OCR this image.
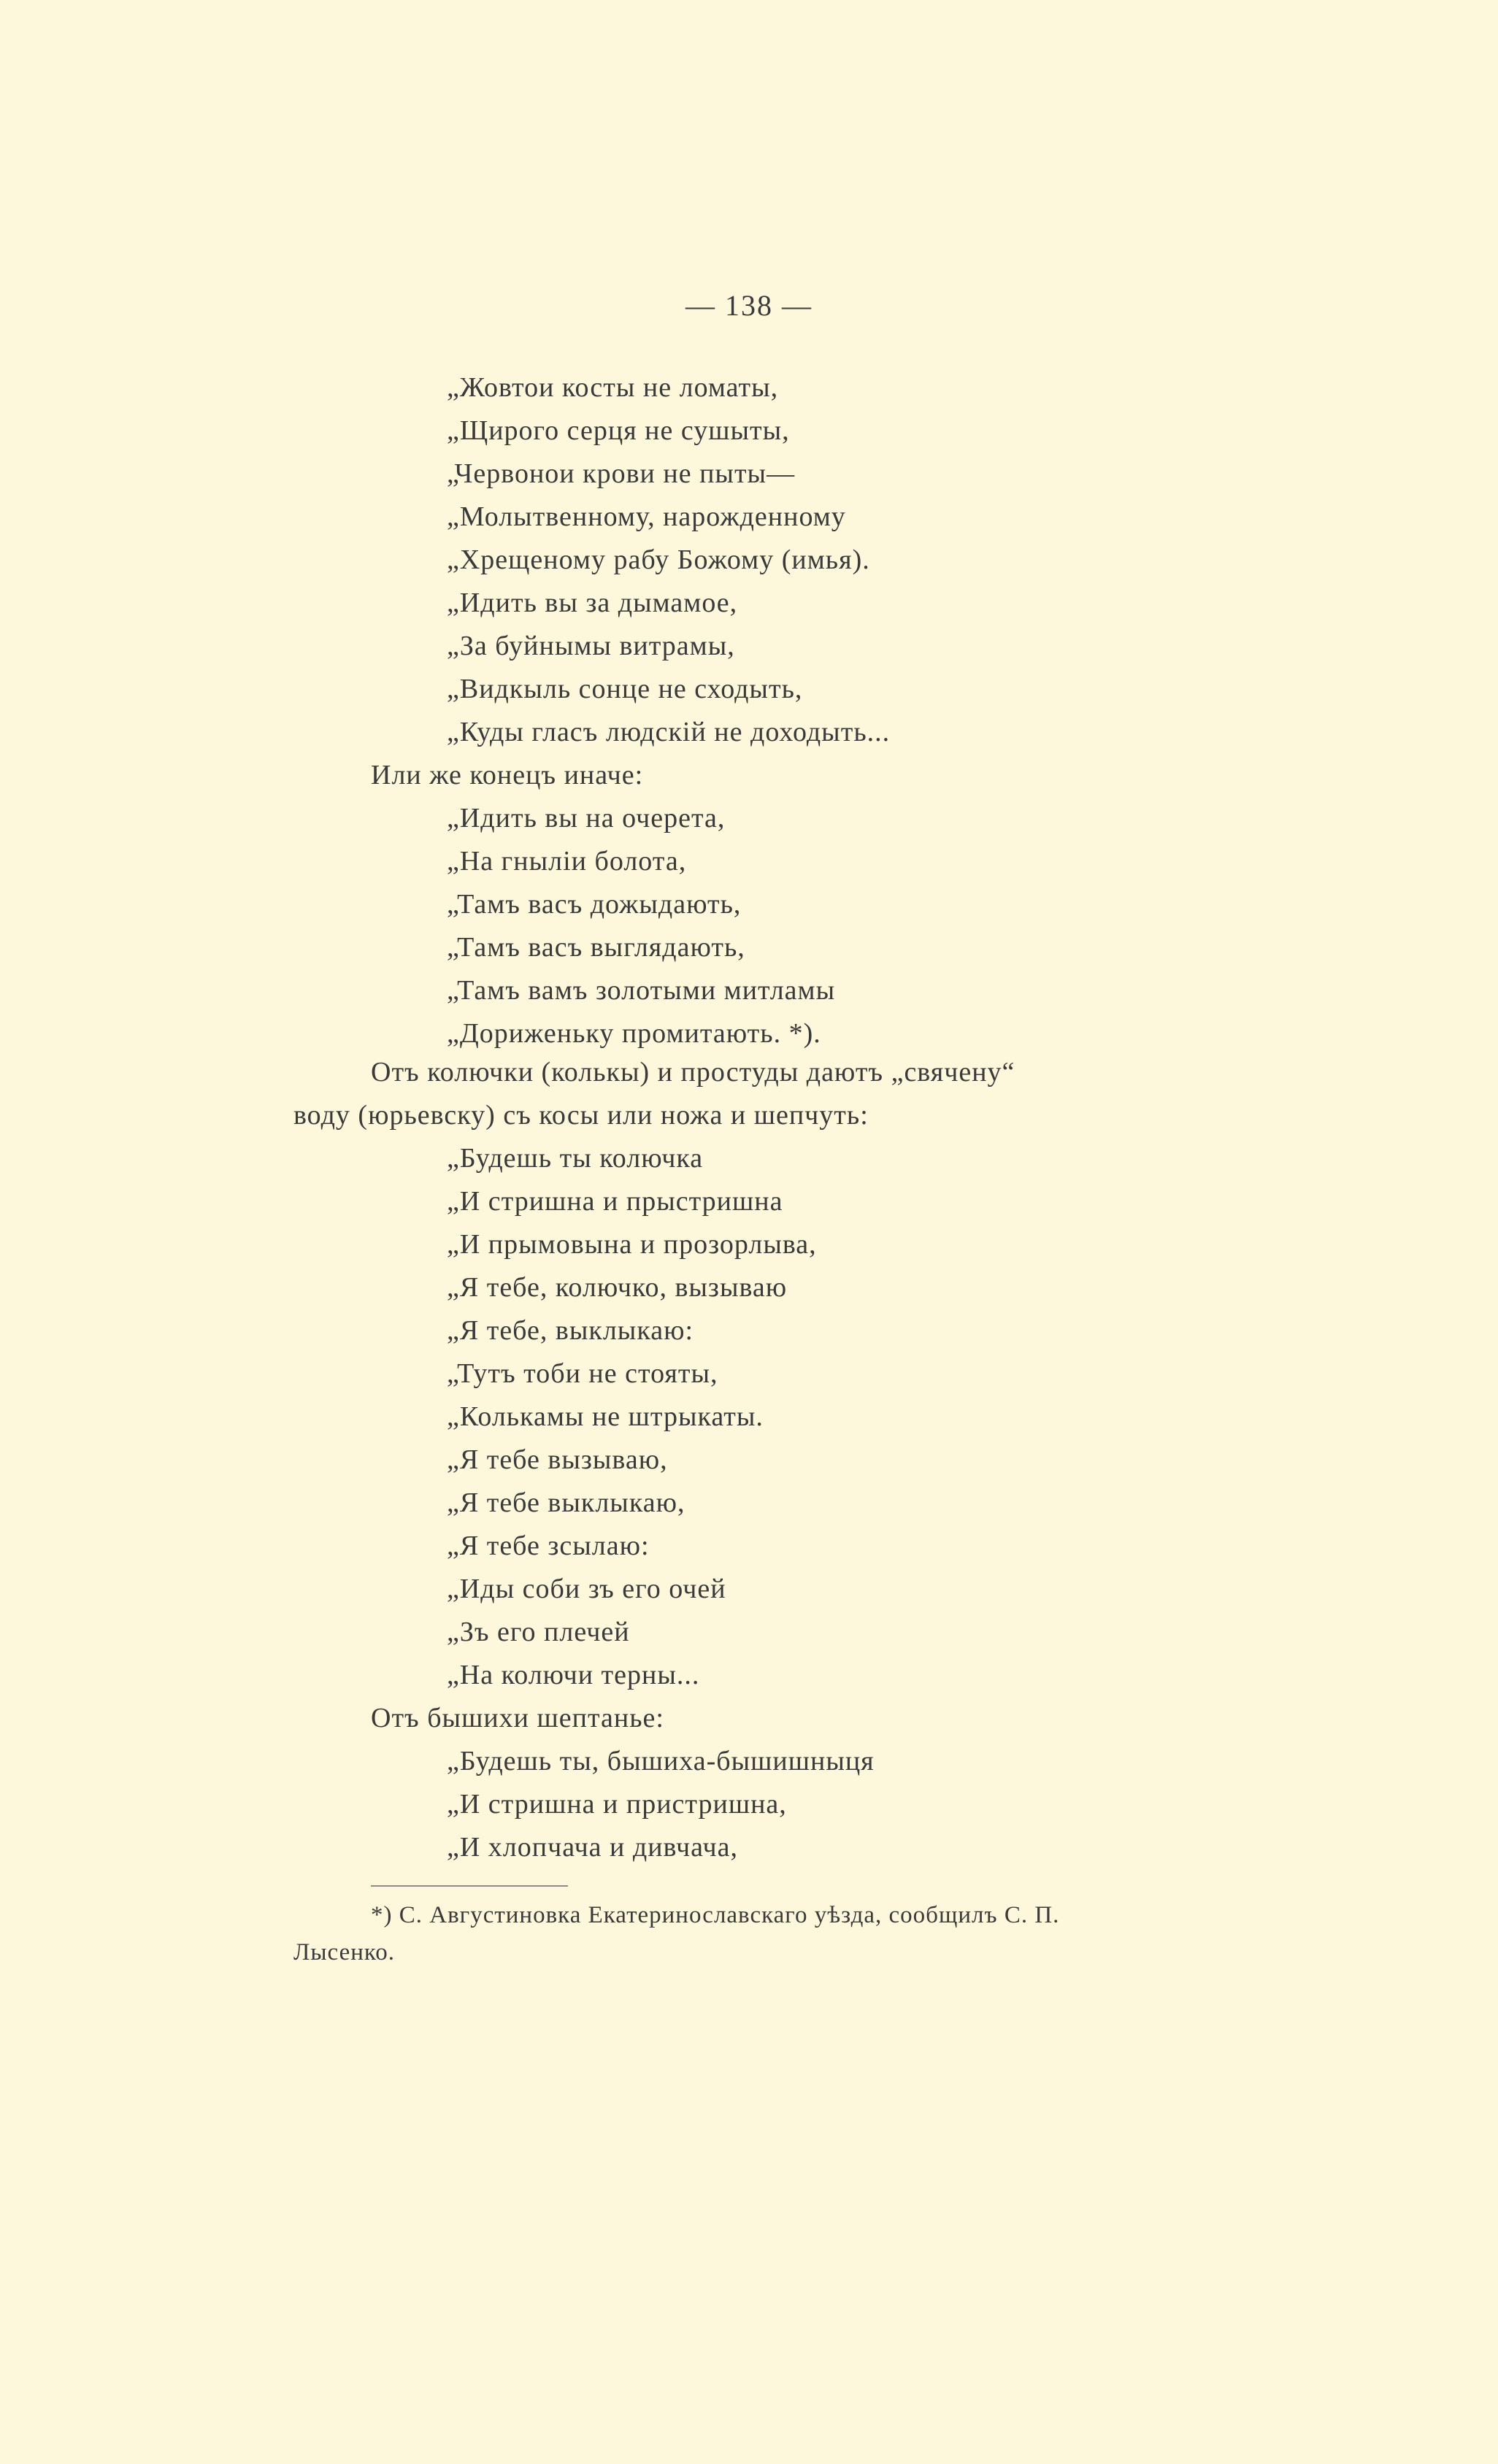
— 138 —
„Жовтои косты не ломаты,
„Щирого серця не сушыты,
„Червонои крови не пыты—
„Молытвенному, нарожденному
„Хрещеному рабу Божому (имья).
„Идить вы за дымамое,
„За буйнымы витрамы,
„Видкыль сонце не сходыть,
„Куды гласъ людскій не доходыть...
Или же конецъ иначе:
„Идить вы на очерета,
„На гныліи болота,
„Тамъ васъ дожыдають,
„Тамъ васъ выглядають,
„Тамъ вамъ золотыми митламы
„Дориженьку промитають. *).
Отъ колючки (колькы) и простуды даютъ „свячену“
воду (юрьевску) съ косы или ножа и шепчуть:
„Будешь ты колючка
„И стришна и прыстришна
„И прымовына и прозорлыва,
„Я тебе, колючко, вызываю
„Я тебе, выклыкаю:
„Тутъ тоби не стояты,
„Колькамы не штрыкаты.
„Я тебе вызываю,
„Я тебе выклыкаю,
„Я тебе зсылаю:
„Иды соби зъ его очей
„Зъ его плечей
„На колючи терны...
Отъ бышихи шептанье:
„Будешь ты, бышиха-бышишныця
„И стришна и пристришна,
„И хлопчача и дивчача,
*) С. Августиновка Екатеринославскаго уѣзда, сообщилъ С. П.
Лысенко.
